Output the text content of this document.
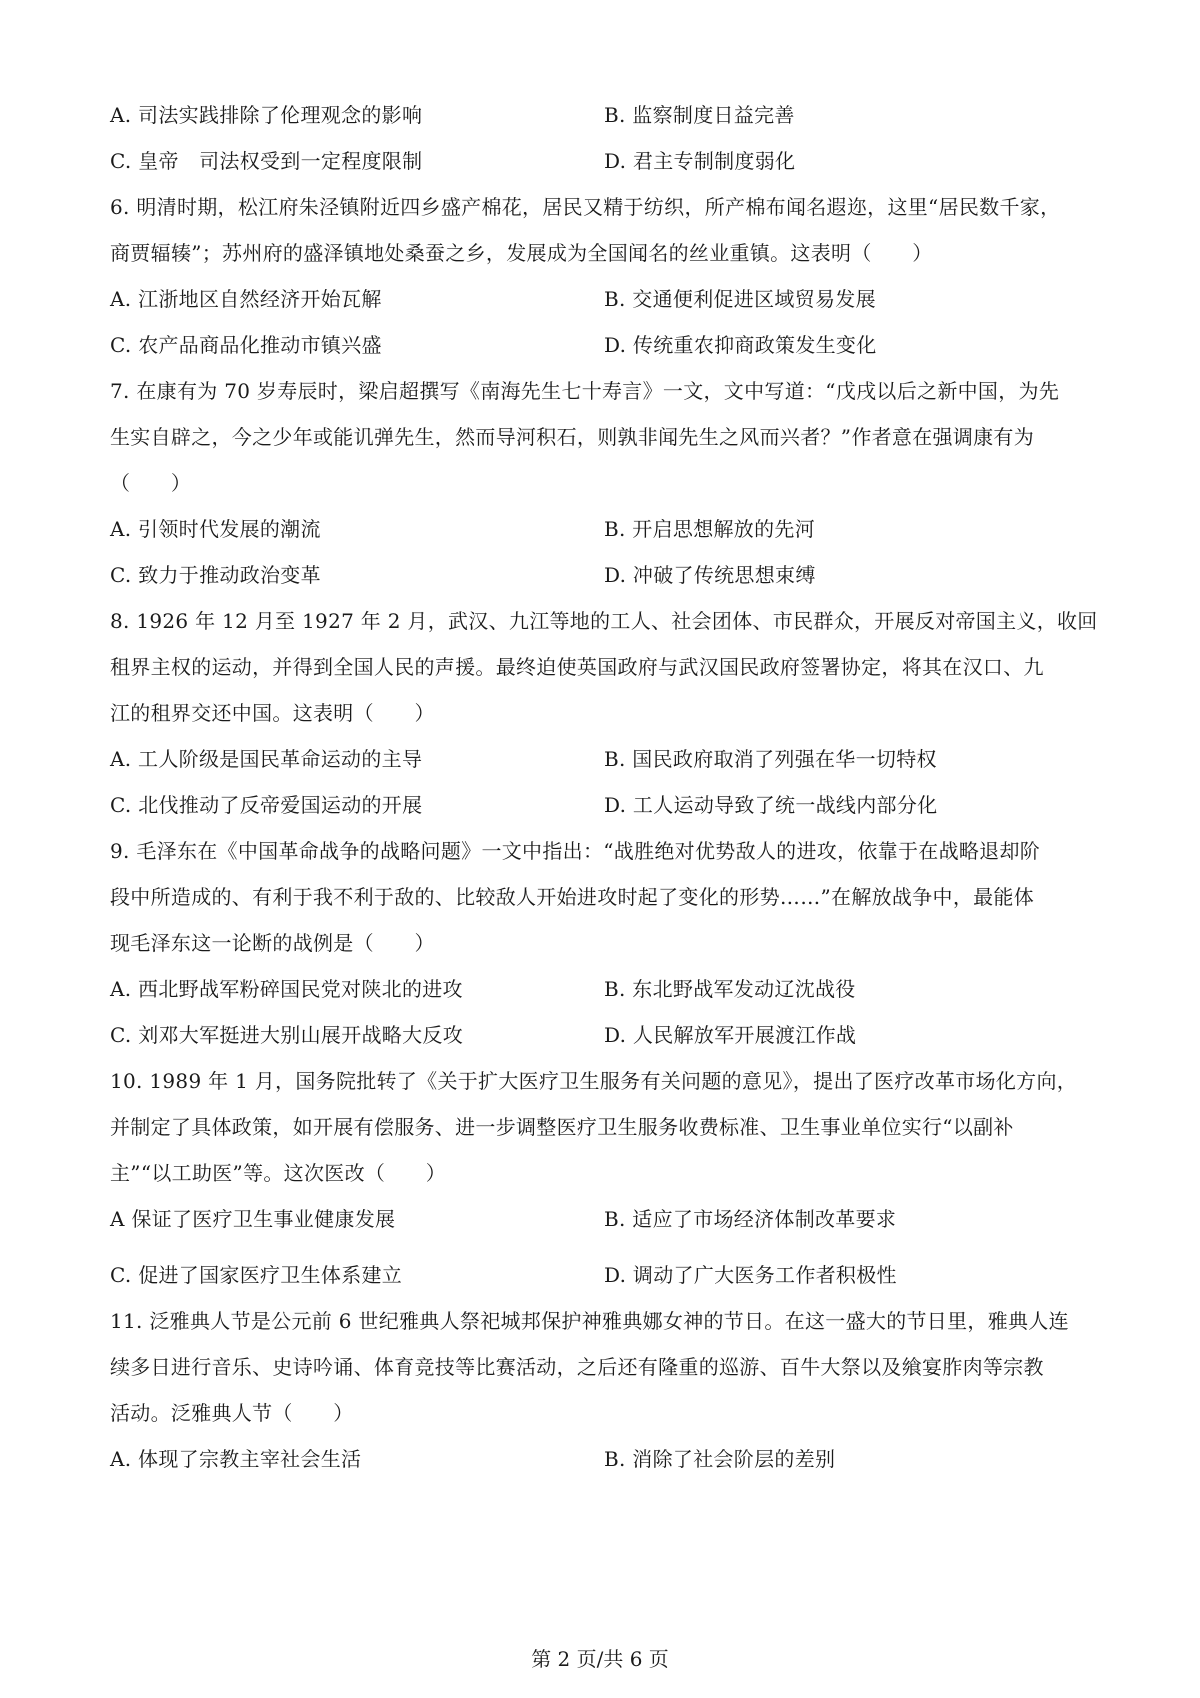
A. 司法实践排除了伦理观念的影响	B. 监察制度日益完善
C. 皇帝　司法权受到一定程度限制	D. 君主专制制度弱化
6. 明清时期，松江府朱泾镇附近四乡盛产棉花，居民又精于纺织，所产棉布闻名遐迩，这里“居民数千家，
商贾辐辏”；苏州府的盛泽镇地处桑蚕之乡，发展成为全国闻名的丝业重镇。这表明（　　）
A. 江浙地区自然经济开始瓦解	B. 交通便利促进区域贸易发展
C. 农产品商品化推动市镇兴盛	D. 传统重农抑商政策发生变化
7. 在康有为 70 岁寿辰时，梁启超撰写《南海先生七十寿言》一文，文中写道：“戊戌以后之新中国，为先
生实自辟之，今之少年或能讥弹先生，然而导河积石，则孰非闻先生之风而兴者？”作者意在强调康有为
（　　）
A. 引领时代发展的潮流	B. 开启思想解放的先河
C. 致力于推动政治变革	D. 冲破了传统思想束缚
8. 1926 年 12 月至 1927 年 2 月，武汉、九江等地的工人、社会团体、市民群众，开展反对帝国主义，收回
租界主权的运动，并得到全国人民的声援。最终迫使英国政府与武汉国民政府签署协定，将其在汉口、九
江的租界交还中国。这表明（　　）
A. 工人阶级是国民革命运动的主导	B. 国民政府取消了列强在华一切特权
C. 北伐推动了反帝爱国运动的开展	D. 工人运动导致了统一战线内部分化
9. 毛泽东在《中国革命战争的战略问题》一文中指出：“战胜绝对优势敌人的进攻，依靠于在战略退却阶
段中所造成的、有利于我不利于敌的、比较敌人开始进攻时起了变化的形势……”在解放战争中，最能体
现毛泽东这一论断的战例是（　　）
A. 西北野战军粉碎国民党对陕北的进攻	B. 东北野战军发动辽沈战役
C. 刘邓大军挺进大别山展开战略大反攻	D. 人民解放军开展渡江作战
10. 1989 年 1 月，国务院批转了《关于扩大医疗卫生服务有关问题的意见》，提出了医疗改革市场化方向，
并制定了具体政策，如开展有偿服务、进一步调整医疗卫生服务收费标准、卫生事业单位实行“以副补
主”“以工助医”等。这次医改（　　）
A 保证了医疗卫生事业健康发展	B. 适应了市场经济体制改革要求
C. 促进了国家医疗卫生体系建立	D. 调动了广大医务工作者积极性
11. 泛雅典人节是公元前 6 世纪雅典人祭祀城邦保护神雅典娜女神的节日。在这一盛大的节日里，雅典人连
续多日进行音乐、史诗吟诵、体育竞技等比赛活动，之后还有隆重的巡游、百牛大祭以及飨宴胙肉等宗教
活动。泛雅典人节（　　）
A. 体现了宗教主宰社会生活	B. 消除了社会阶层的差别
第 2 页/共 6 页
